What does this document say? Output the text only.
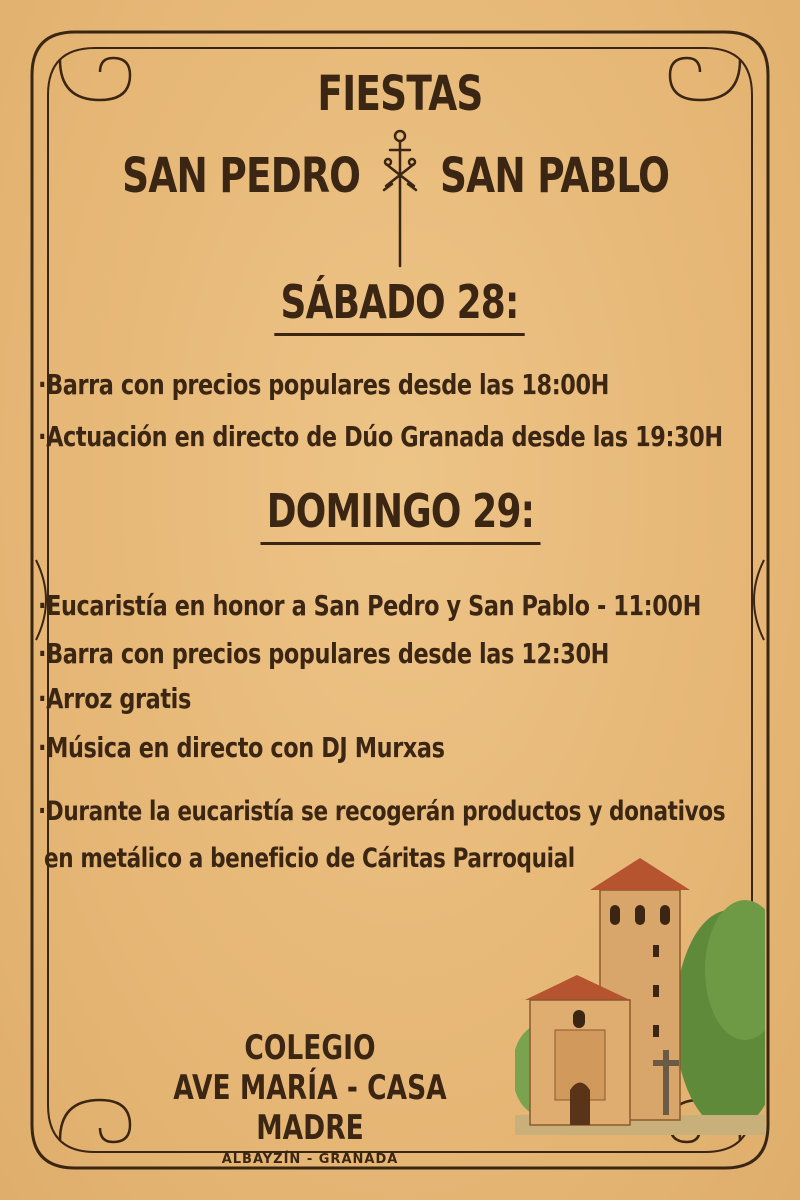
FIESTAS
SAN PEDRO SAN PABLO
SÁBADO 28:
·Barra con precios populares desde las 18:00H
·Actuación en directo de Dúo Granada desde las 19:30H
DOMINGO 29:
·Eucaristía en honor a San Pedro y San Pablo - 11:00H
·Barra con precios populares desde las 12:30H
·Arroz gratis
·Música en directo con DJ Murxas
·Durante la eucaristía se recogerán productos y donativos
en metálico a beneficio de Cáritas Parroquial
COLEGIO
AVE MARÍA - CASA MADRE
ALBAYZÍN - GRANADA
